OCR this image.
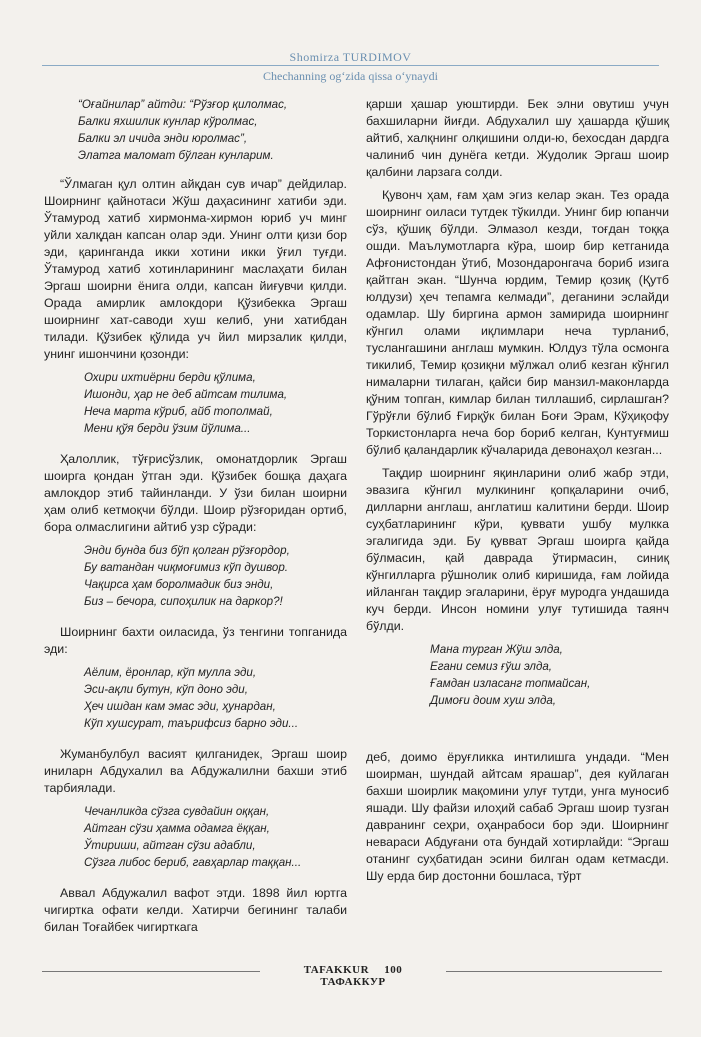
Shomirza TURDIMOV
Chechanning og‘zida qissa o‘ynaydi
“Оғайнилар” айтди: “Рўзғор қилолмас,
Балки яхшилик кунлар кўролмас,
Балки эл ичида энди юролмас”,
Элатга маломат бўлган кунларим.

“Ўлмаган қул олтин айқдан сув ичар” дейдилар. Шоирнинг қайнотаси Жўш даҳасининг хатиби эди. Ўтамурод хатиб хирмонма-хирмон юриб уч минг уйли халқдан капсан олар эди. Унинг олти қизи бор эди, қаринганда икки хотини икки ўғил туғди. Ўтамурод хатиб хотинларининг маслаҳати билан Эргаш шоирни ёнига олди, капсан йиғувчи қилди. Орада амирлик амлокдори Қўзибекка Эргаш шоирнинг хат-саводи хуш келиб, уни хатибдан тилади. Қўзибек қўлида уч йил мирзалик қилди, унинг ишончини қозонди:

Охири ихтиёрни берди қўлима,
Ишонди, ҳар не деб айтсам тилима,
Неча марта кўриб, айб тополмай,
Мени қўя берди ўзим йўлима...

Ҳалоллик, тўғрисўзлик, омонатдорлик Эргаш шоирга қондан ўтган эди. Қўзибек бошқа даҳага амлокдор этиб тайинланди. У ўзи билан шоирни ҳам олиб кетмоқчи бўлди. Шоир рўзғоридан ортиб, бора олмаслигини айтиб узр сўради:

Энди бунда биз бўп қолган рўзғордор,
Бу ватандан чиқмоғимиз кўп душвор.
Чақирса ҳам боролмадик биз энди,
Биз – бечора, сипоҳилик на даркор?!

Шоирнинг бахти оиласида, ўз тенгини топганида эди:

Аёлим, ёронлар, кўп мулла эди,
Эси-ақли бутун, кўп доно эди,
Ҳеч ишдан кам эмас эди, ҳунардан,
Кўп хушсурат, таърифсиз барно эди...

Жуманбулбул васият қилганидек, Эргаш шоир иниларн Абдухалил ва Абдужалилни бахши этиб тарбиялади.

Чечанликда сўзга сувдайин оққан,
Айтган сўзи ҳамма одамга ёққан,
Ўтириши, айтган сўзи адабли,
Сўзга либос бериб, гавҳарлар таққан...

Аввал Абдужалил вафот этди. 1898 йил юртга чигиртка офати келди. Хатирчи бегининг талаби билан Тоғайбек чигирткага

қарши ҳашар уюштирди. Бек элни овутиш учун бахшиларни йиғди. Абдухалил шу ҳашарда қўшиқ айтиб, халқнинг олқишини олди-ю, бехосдан дардга чалиниб чин дунёга кетди. Жудолик Эргаш шоир қалбини ларзага солди.

Қувонч ҳам, ғам ҳам эгиз келар экан. Тез орада шоирнинг оиласи тутдек тўкилди. Унинг бир юпанчи сўз, қўшиқ бўлди. Элмазол кезди, тоғдан тоққа ошди. Маълумотларга кўра, шоир бир кетганида Афғонистондан ўтиб, Мозондаронгача бориб изига қайтган экан. “Шунча юрдим, Темир қозиқ (Қутб юлдузи) ҳеч тепамга келмади”, деганини эслайди одамлар. Шу биргина армон замирида шоирнинг кўнгил олами иқлимлари неча турланиб, туслангашини англаш мумкин. Юлдуз тўла осмонга тикилиб, Темир қозиқни мўлжал олиб кезган кўнгил нималарни тилаган, қайси бир манзил-маконларда қўним топган, кимлар билан тиллашиб, сирлашган? Гўрўғли бўлиб Ғирқўк билан Боғи Эрам, Кўҳиқофу Торкистонларга неча бор бориб келган, Кунтуғмиш бўлиб қаландарлик кўчаларида девонаҳол кезган...

Тақдир шоирнинг яқинларини олиб жабр этди, эвазига кўнгил мулкининг қопқаларини очиб, дилларни англаш, англатиш калитини берди. Шоир суҳбатларининг кўри, қуввати ушбу мулкка эгалигида эди. Бу қувват Эргаш шоирга қайда бўлмасин, қай даврада ўтирмасин, синиқ кўнгилларга рўшнолик олиб киришида, ғам лойида ийланган тақдир эгаларини, ёруғ муродга ундашида куч берди. Инсон номини улуғ тутишида таянч бўлди.

Мана турган Жўш элда,
Егани семиз ғўш элда,
Ғамдан изласанг топмайсан,
Димоғи доим хуш элда,

деб, доимо ёруғликка интилишга ундади. “Мен шоирман, шундай айтсам ярашар”, дея куйлаган бахши шоирлик мақомини улуғ тутди, унга муносиб яшади. Шу файзи илоҳий сабаб Эргаш шоир тузган давранинг сеҳри, оҳанрабоси бор эди. Шоирнинг невараси Абдуғани ота бундай хотирлайди: “Эргаш отанинг суҳбатидан эсини билган одам кетмасди. Шу ерда бир достонни бошласа, тўрт

TAFAKKUR 100 ТАФАККУР
